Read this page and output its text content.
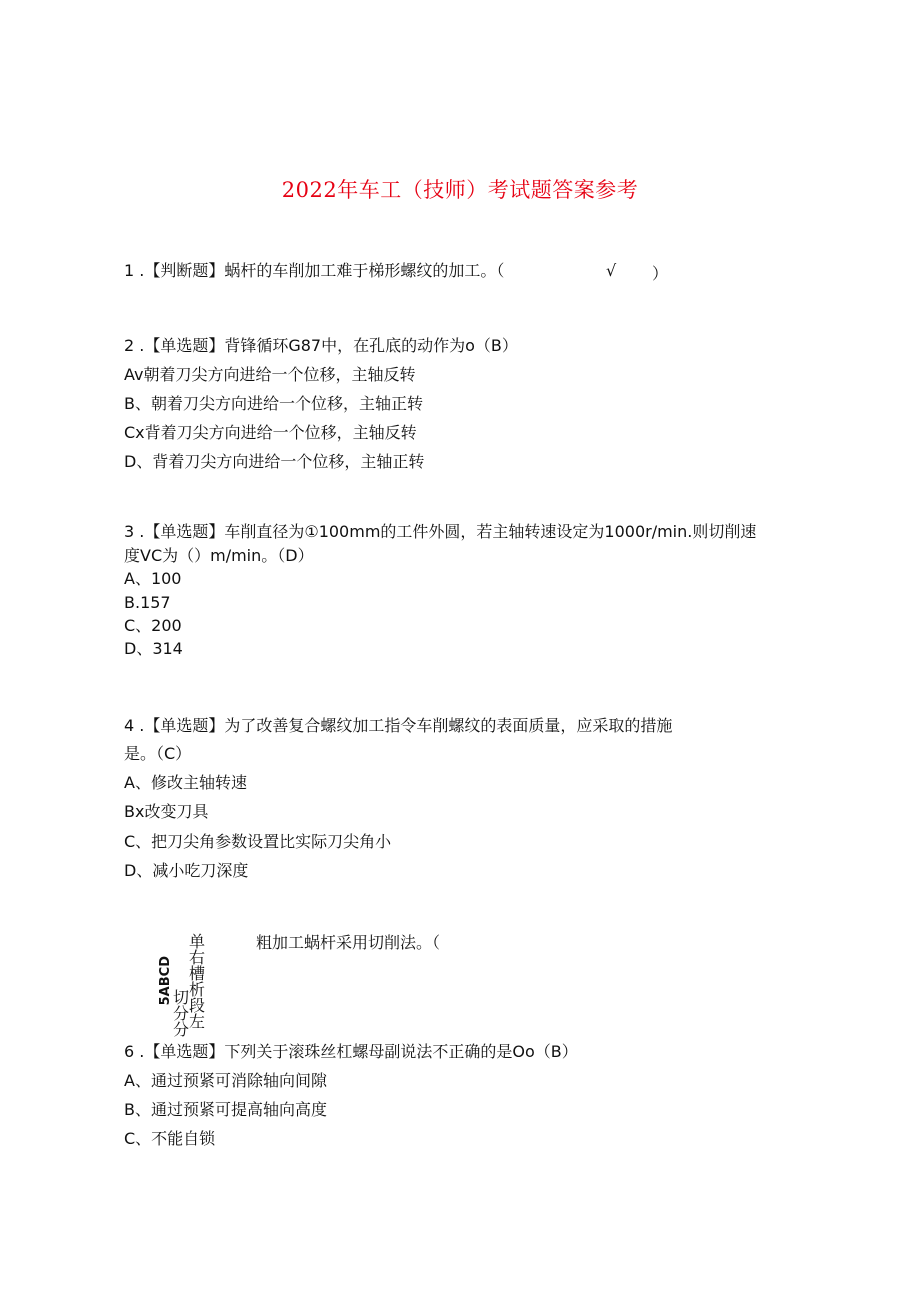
2022年车工（技师）考试题答案参考
1 .【判断题】蜗杆的车削加工难于梯形螺纹的加工。（	√ ）
2 .【单选题】背锋循环G87中，在孔底的动作为o（B）
Av朝着刀尖方向进给一个位移，主轴反转
B、朝着刀尖方向进给一个位移，主轴正转
Cx背着刀尖方向进给一个位移，主轴反转
D、背着刀尖方向进给一个位移，主轴正转
3 .【单选题】车削直径为①100mm的工件外圆，若主轴转速设定为1000r/min.则切削速
度VC为（）m/min。（D）
A、100
B.157
C、200
D、314
4 .【单选题】为了改善复合螺纹加工指令车削螺纹的表面质量，应采取的措施
是。（C）
A、修改主轴转速
Bx改变刀具
C、把刀尖角参数设置比实际刀尖角小
D、减小吃刀深度
粗加工蜗杆采用切削法。（
单
右
槽
析
段
左
切
分
分
5ABCD
6 .【单选题】下列关于滚珠丝杠螺母副说法不正确的是Oo（B）
A、通过预紧可消除轴向间隙
B、通过预紧可提高轴向高度
C、不能自锁
